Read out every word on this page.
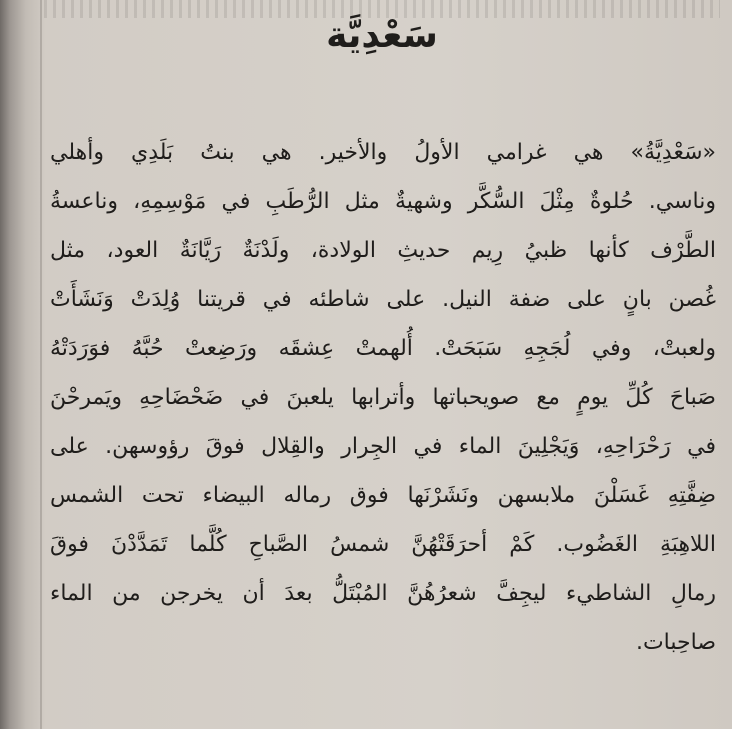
سَعْدِيَّة
«سَعْدِيَّةُ» هي غرامي الأولُ والأخير. هي بنتُ بَلَدِي وأهلي
وناسي. حُلوةٌ مِثْلَ السُّكَّر وشهيةٌ مثل الرُّطَبِ في مَوْسِمِهِ، وناعسةُ
الطَّرْف كأنها ظبيُ رِيم حديثِ الولادة، ولَدْنَةٌ رَيَّانَةٌ العود، مثل
غُصن بانٍ على ضفة النيل. على شاطئه في قريتنا وُلِدَتْ وَنَشَأَتْ
ولعبتْ، وفي لُجَجِهِ سَبَحَتْ. أُلهمتْ عِشقَه ورَضِعتْ حُبَّهُ فوَرَدَتْهُ
صَباحَ كُلِّ يومٍ مع صويحباتها وأترابها يلعبنَ في ضَحْضَاحِهِ ويَمرحْنَ
في رَحْرَاحِهِ، وَيَجْلِينَ الماء في الجِرار والقِلال فوقَ رؤوسهن. على
ضِفَّتِهِ غَسَلْنَ ملابسهن ونَشَرْنَها فوق رماله البيضاء تحت الشمس
اللاهِبَةِ الغَضُوب. كَمْ أحرَقَتْهُنَّ شمسُ الصَّباحِ كُلَّما تَمَدَّدْنَ فوقَ
رمالِ الشاطيء ليجِفَّ شعرُهُنَّ المُبْتَلُّ بعدَ أن يخرجن من الماء
صاحِبات.
